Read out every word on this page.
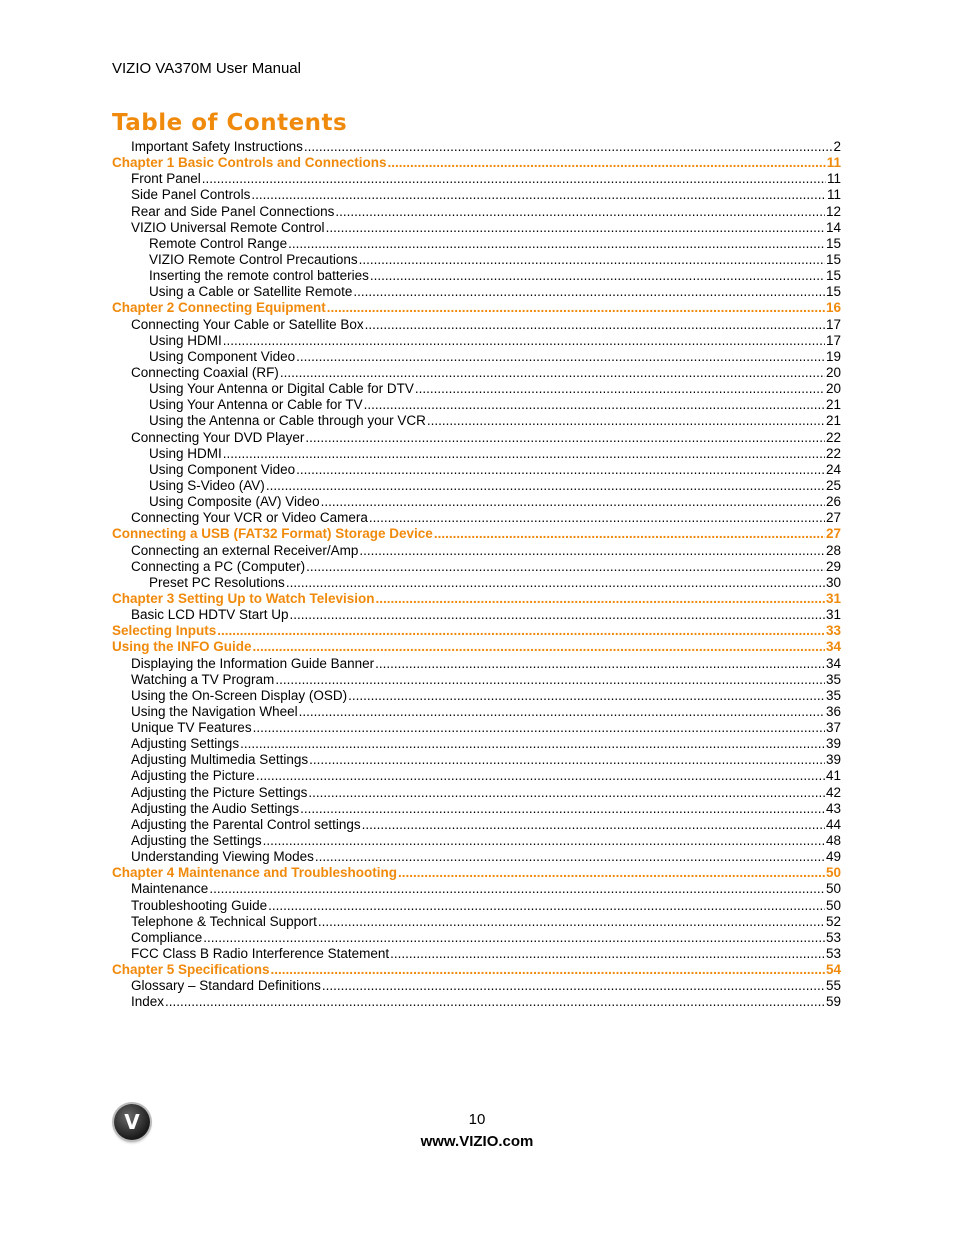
VIZIO VA370M User Manual
Table of Contents
Important Safety Instructions .....	2
Chapter 1 Basic Controls and Connections .....	11
Front Panel .....	11
Side Panel Controls .....	11
Rear and Side Panel Connections .....	12
VIZIO Universal Remote Control .....	14
Remote Control Range .....	15
VIZIO Remote Control Precautions .....	15
Inserting the remote control batteries .....	15
Using a Cable or Satellite Remote .....	15
Chapter 2 Connecting Equipment .....	16
Connecting Your Cable or Satellite Box .....	17
Using HDMI .....	17
Using Component Video .....	19
Connecting Coaxial (RF) .....	20
Using Your Antenna or Digital Cable for DTV .....	20
Using Your Antenna or Cable for TV .....	21
Using the Antenna or Cable through your VCR .....	21
Connecting Your DVD Player .....	22
Using HDMI .....	22
Using Component Video .....	24
Using S-Video (AV) .....	25
Using Composite (AV) Video .....	26
Connecting Your VCR or Video Camera .....	27
Connecting a USB (FAT32 Format) Storage Device .....	27
Connecting an external Receiver/Amp .....	28
Connecting a PC (Computer) .....	29
Preset PC Resolutions .....	30
Chapter 3 Setting Up to Watch Television .....	31
Basic LCD HDTV Start Up .....	31
Selecting Inputs .....	33
Using the INFO Guide .....	34
Displaying the Information Guide Banner .....	34
Watching a TV Program .....	35
Using the On-Screen Display (OSD) .....	35
Using the Navigation Wheel .....	36
Unique TV Features .....	37
Adjusting Settings .....	39
Adjusting Multimedia Settings .....	39
Adjusting the Picture .....	41
Adjusting the Picture Settings .....	42
Adjusting the Audio Settings .....	43
Adjusting the Parental Control settings .....	44
Adjusting the Settings .....	48
Understanding Viewing Modes .....	49
Chapter 4 Maintenance and Troubleshooting .....	50
Maintenance .....	50
Troubleshooting Guide .....	50
Telephone & Technical Support .....	52
Compliance .....	53
FCC Class B Radio Interference Statement .....	53
Chapter 5 Specifications .....	54
Glossary – Standard Definitions .....	55
Index .....	59
V	10
www.VIZIO.com
